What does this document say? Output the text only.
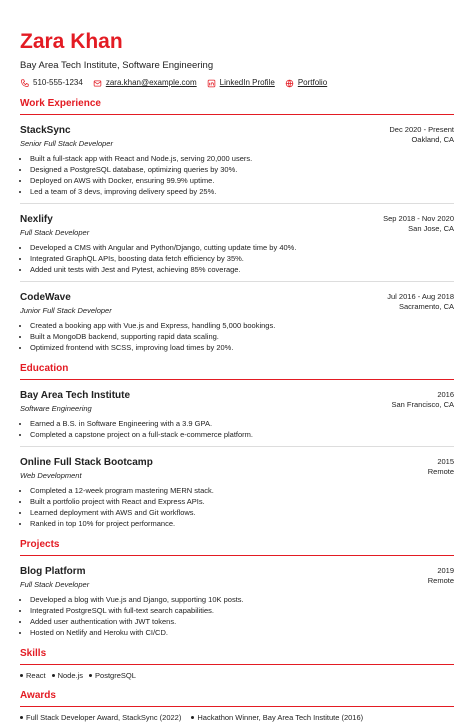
Zara Khan
Bay Area Tech Institute, Software Engineering
510-555-1234	zara.khan@example.com	LinkedIn Profile	Portfolio
Work Experience
StackSync
Senior Full Stack Developer
Dec 2020 - Present
Oakland, CA
• Built a full-stack app with React and Node.js, serving 20,000 users.
• Designed a PostgreSQL database, optimizing queries by 30%.
• Deployed on AWS with Docker, ensuring 99.9% uptime.
• Led a team of 3 devs, improving delivery speed by 25%.
Nexlify
Full Stack Developer
Sep 2018 - Nov 2020
San Jose, CA
• Developed a CMS with Angular and Python/Django, cutting update time by 40%.
• Integrated GraphQL APIs, boosting data fetch efficiency by 35%.
• Added unit tests with Jest and Pytest, achieving 85% coverage.
CodeWave
Junior Full Stack Developer
Jul 2016 - Aug 2018
Sacramento, CA
• Created a booking app with Vue.js and Express, handling 5,000 bookings.
• Built a MongoDB backend, supporting rapid data scaling.
• Optimized frontend with SCSS, improving load times by 20%.
Education
Bay Area Tech Institute
Software Engineering
2016
San Francisco, CA
• Earned a B.S. in Software Engineering with a 3.9 GPA.
• Completed a capstone project on a full-stack e-commerce platform.
Online Full Stack Bootcamp
Web Development
2015
Remote
• Completed a 12-week program mastering MERN stack.
• Built a portfolio project with React and Express APIs.
• Learned deployment with AWS and Git workflows.
• Ranked in top 10% for project performance.
Projects
Blog Platform
Full Stack Developer
2019
Remote
• Developed a blog with Vue.js and Django, supporting 10K posts.
• Integrated PostgreSQL with full-text search capabilities.
• Added user authentication with JWT tokens.
• Hosted on Netlify and Heroku with CI/CD.
Skills
React Node.js PostgreSQL
Awards
Full Stack Developer Award, StackSync (2022) Hackathon Winner, Bay Area Tech Institute (2016)
